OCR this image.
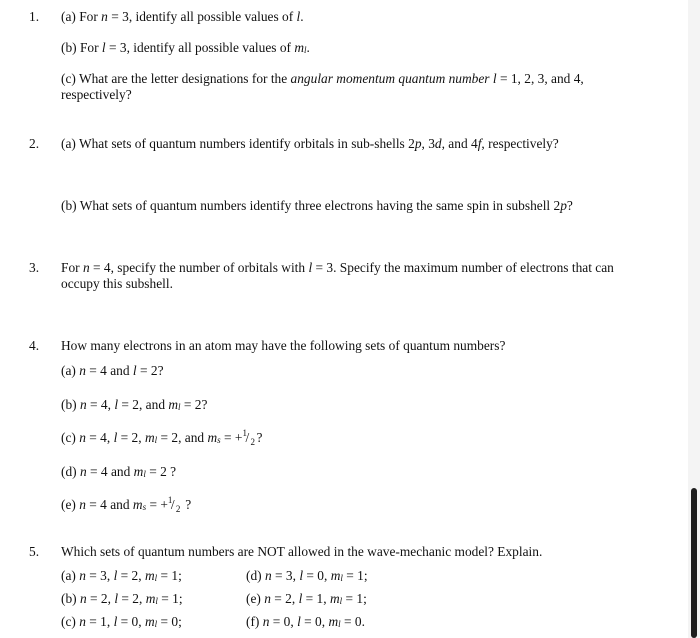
1. (a) For n = 3, identify all possible values of l.
(b) For l = 3, identify all possible values of $m_l$.
(c) What are the letter designations for the angular momentum quantum number l = 1, 2, 3, and 4,
respectively?
2. (a) What sets of quantum numbers identify orbitals in sub-shells 2p, 3d, and 4f, respectively?
(b) What sets of quantum numbers identify three electrons having the same spin in subshell 2p?
3. For n = 4, specify the number of orbitals with l = 3. Specify the maximum number of electrons that can
occupy this subshell.
4. How many electrons in an atom may have the following sets of quantum numbers?
(a) n = 4 and l = 2?
(b) n = 4, l = 2, and $m_l = 2$?
(c) n = 4, l = 2, $m_l = 2$, and $m_s$ = + 1
/ 2 ?
(d) n = 4 and $m_l = 2$ ?
(e) n = 4 and $m_s$ = + 1
/ 2 ?
5. Which sets of quantum numbers are NOT allowed in the wave-mechanic model? Explain.
(a) n = 3, l = 2, $m_l = 1$;
(b) n = 2, l = 2, $m_l = 1$;
(c) n = 1, l = 0, $m_l = 0$;
(d) n = 3, l = 0, $m_l = 1$;
(e) n = 2, l = 1, $m_l = 1$;
(f) n = 0, l = 0, $m_l = 0$.
